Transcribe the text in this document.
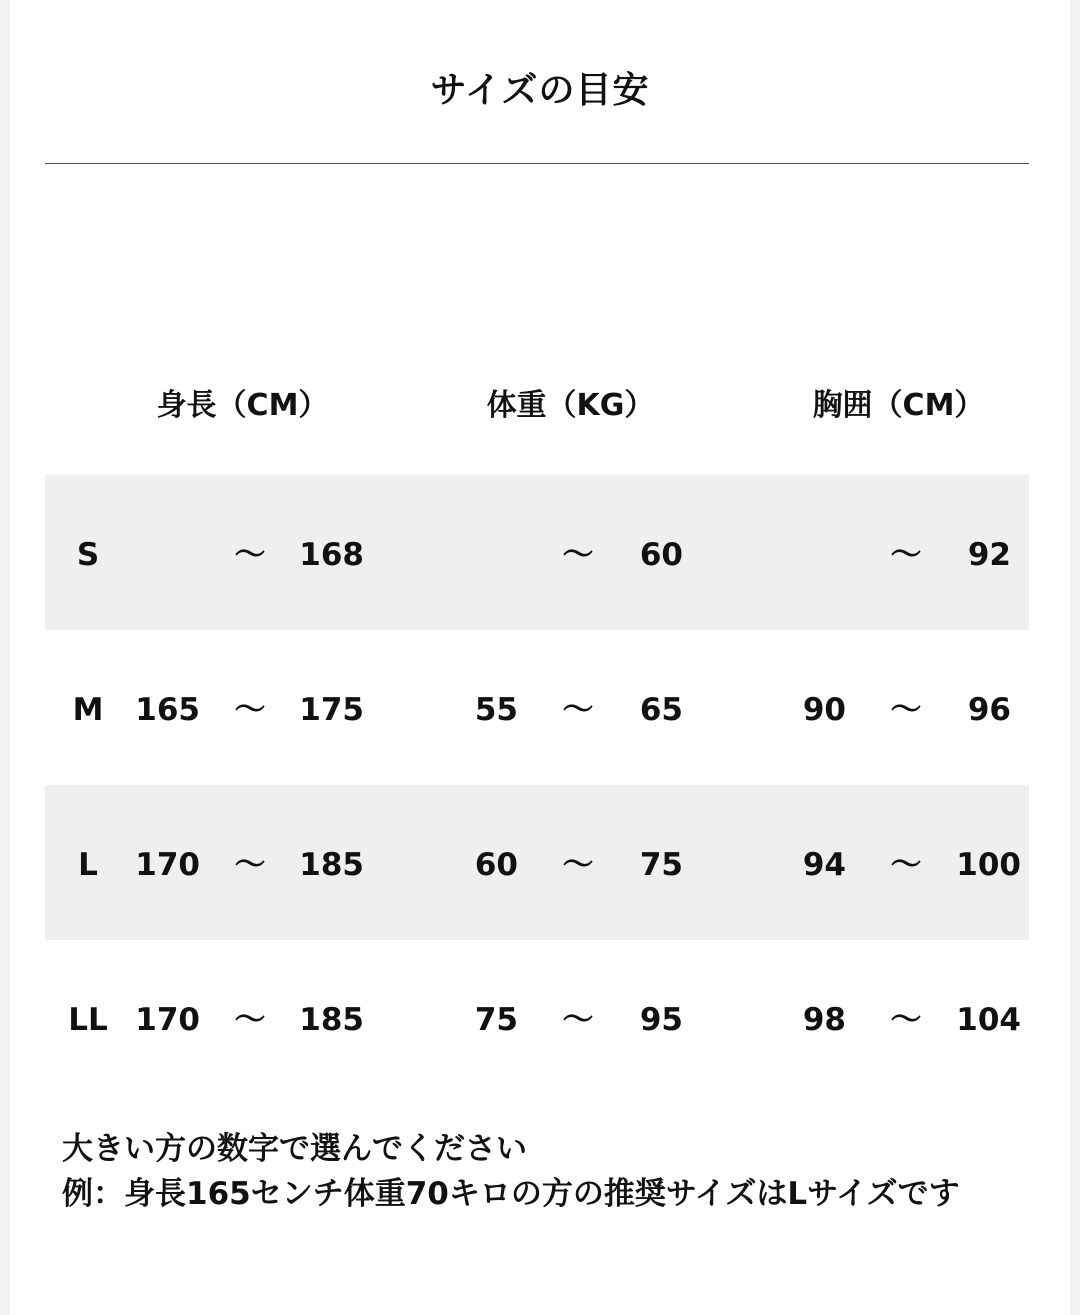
サイズの目安
身長（CM）	体重（KG）	胸囲（CM）
S	～	168	～	60	～	92
M	165 ～	175	55 ～	65	90 ～	96
L	170 ～	185	60 ～	75	94 ～	100
LL 170 ～	185	75 ～	95	98 ～	104
大きい方の数字で選んでください
例：身長165センチ体重70キロの方の推奨サイズはLサイズです
